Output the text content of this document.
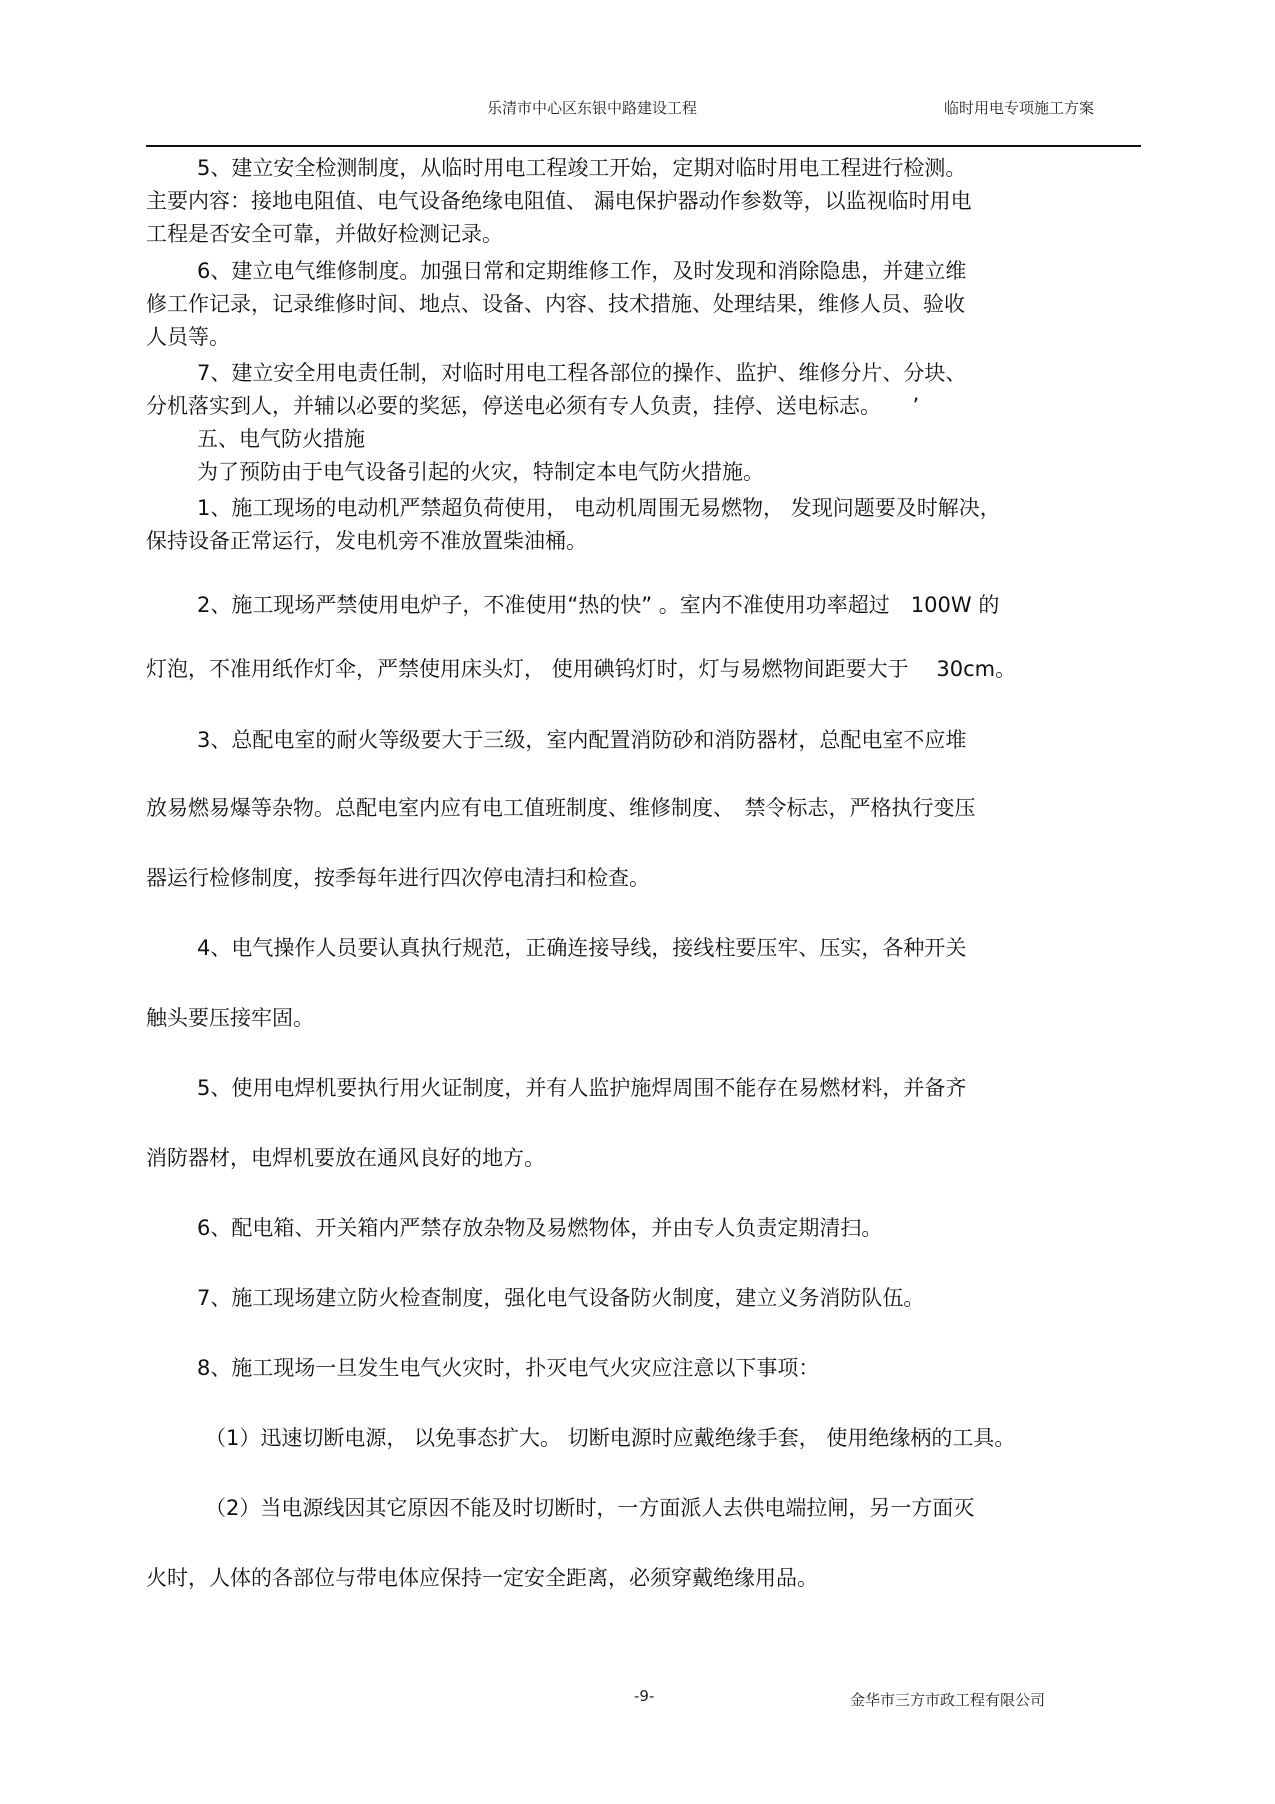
乐清市中心区东银中路建设工程	临时用电专项施工方案
5、建立安全检测制度，从临时用电工程竣工开始，定期对临时用电工程进行检测。
主要内容：接地电阻值、电气设备绝缘电阻值、 漏电保护器动作参数等，以监视临时用电
工程是否安全可靠，并做好检测记录。
6、建立电气维修制度。加强日常和定期维修工作，及时发现和消除隐患，并建立维
修工作记录，记录维修时间、地点、设备、内容、技术措施、处理结果，维修人员、验收
人员等。
7、建立安全用电责任制，对临时用电工程各部位的操作、监护、维修分片、分块、
分机落实到人，并辅以必要的奖惩，停送电必须有专人负责，挂停、送电标志。　　’
五、电气防火措施
为了预防由于电气设备引起的火灾，特制定本电气防火措施。
1、施工现场的电动机严禁超负荷使用， 电动机周围无易燃物， 发现问题要及时解决，
保持设备正常运行，发电机旁不准放置柴油桶。
2、施工现场严禁使用电炉子，不准使用“热的快” 。室内不准使用功率超过　100W 的
灯泡，不准用纸作灯伞，严禁使用床头灯， 使用碘钨灯时，灯与易燃物间距要大于　 30cm。
3、总配电室的耐火等级要大于三级，室内配置消防砂和消防器材，总配电室不应堆
放易燃易爆等杂物。总配电室内应有电工值班制度、维修制度、　禁令标志，严格执行变压
器运行检修制度，按季每年进行四次停电清扫和检查。
4、电气操作人员要认真执行规范，正确连接导线，接线柱要压牢、压实，各种开关
触头要压接牢固。
5、使用电焊机要执行用火证制度，并有人监护施焊周围不能存在易燃材料，并备齐
消防器材，电焊机要放在通风良好的地方。
6、配电箱、开关箱内严禁存放杂物及易燃物体，并由专人负责定期清扫。
7、施工现场建立防火检查制度，强化电气设备防火制度，建立义务消防队伍。
8、施工现场一旦发生电气火灾时，扑灭电气火灾应注意以下事项：
（1）迅速切断电源， 以免事态扩大。 切断电源时应戴绝缘手套， 使用绝缘柄的工具。
（2）当电源线因其它原因不能及时切断时，一方面派人去供电端拉闸，另一方面灭
火时，人体的各部位与带电体应保持一定安全距离，必须穿戴绝缘用品。
-9-	金华市三方市政工程有限公司
